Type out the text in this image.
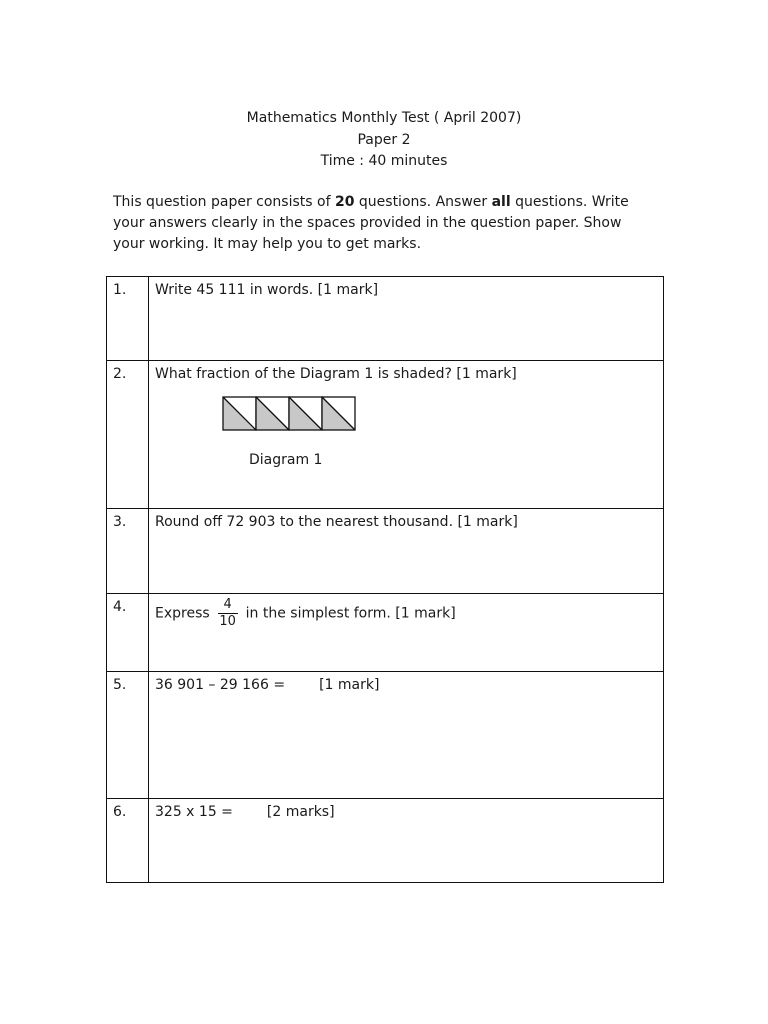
Mathematics Monthly Test ( April 2007)
Paper 2
Time : 40 minutes
This question paper consists of 20 questions. Answer all questions. Write your answers clearly in the spaces provided in the question paper. Show your working. It may help you to get marks.
1.	Write 45 111 in words. [1 mark]
2.	What fraction of the Diagram 1 is shaded? [1 mark]
Diagram 1

3.	Round off 72 903 to the nearest thousand. [1 mark]
4.	Express $\frac{4}{10}$ in the simplest form. [1 mark]
5.	36 901 – 29 166 = [1 mark]
6.	325 x 15 = [2 marks]
